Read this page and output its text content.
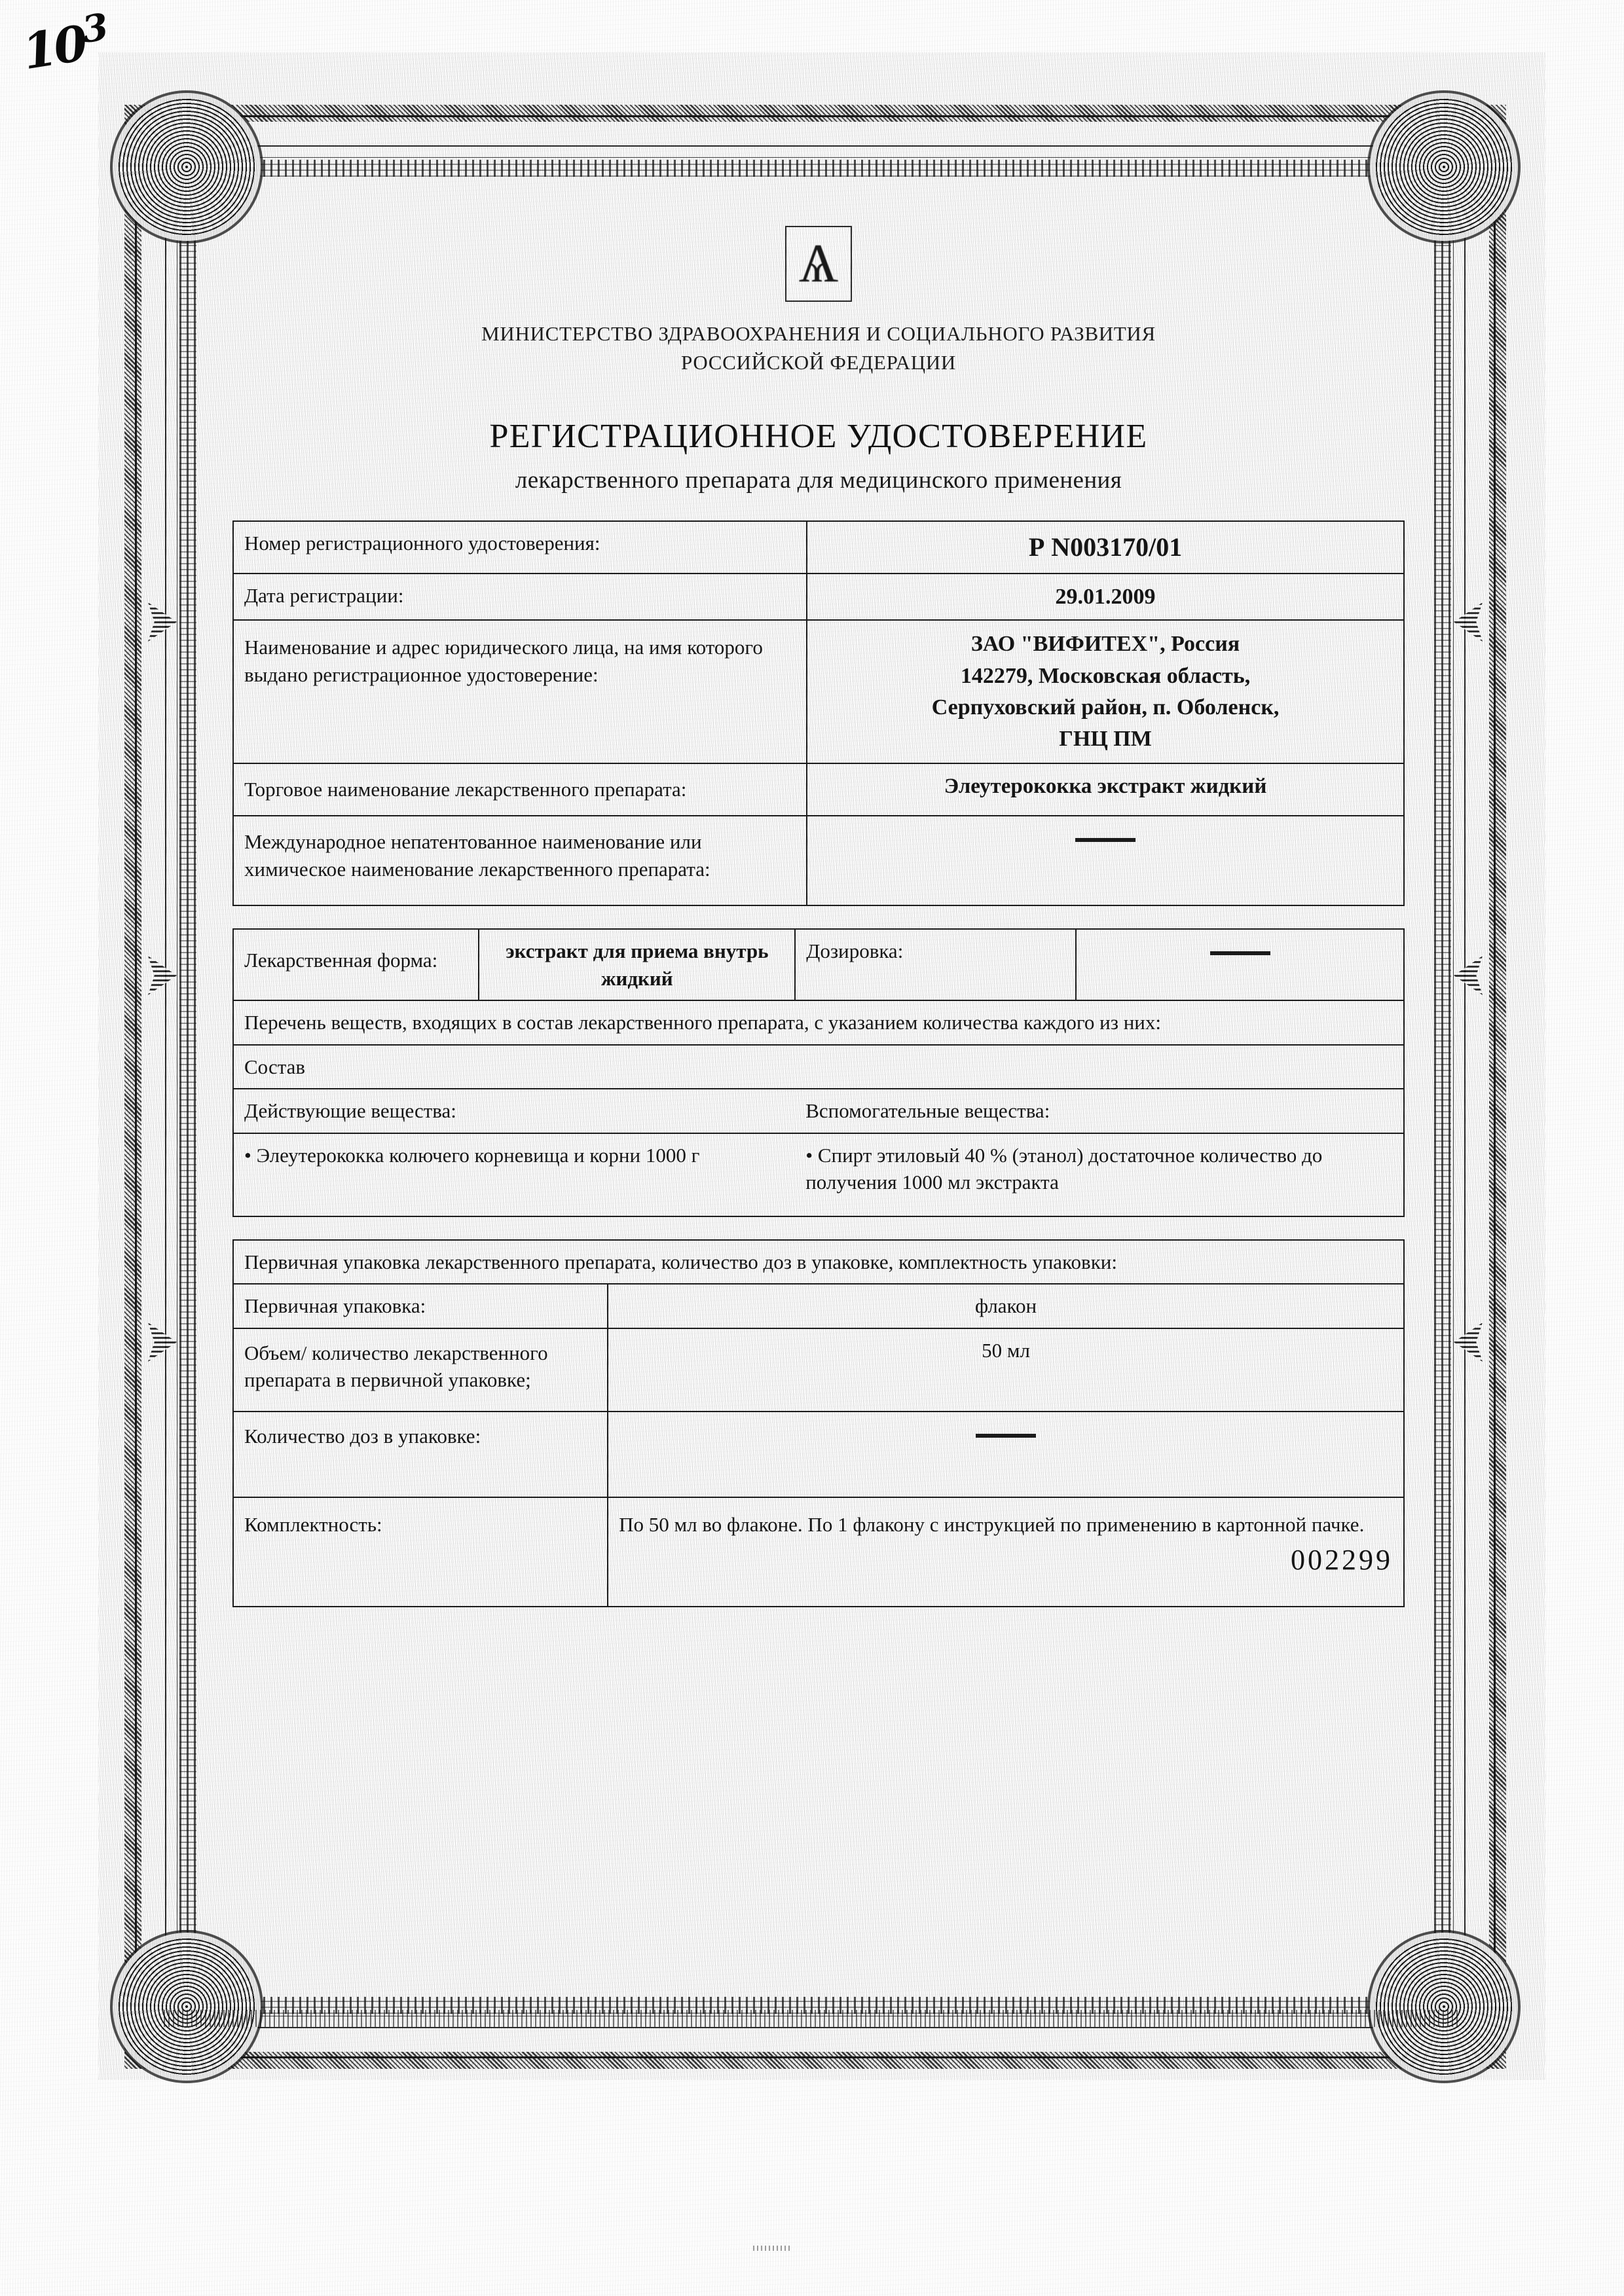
$10^3$
Ѧ
МИНИСТЕРСТВО ЗДРАВООХРАНЕНИЯ И СОЦИАЛЬНОГО РАЗВИТИЯ
РОССИЙСКОЙ ФЕДЕРАЦИИ
РЕГИСТРАЦИОННОЕ УДОСТОВЕРЕНИЕ
лекарственного препарата для медицинского применения
Номер регистрационного удостоверения:	Р N003170/01
Дата регистрации:	29.01.2009
Наименование и адрес юридического лица, на имя которого выдано регистрационное удостоверение:	ЗАО "ВИФИТЕХ", Россия
142279, Московская область,
Серпуховский район, п. Оболенск,
ГНЦ ПМ

Торговое наименование лекарственного препарата:	Элеутерококка экстракт жидкий
Международное непатентованное наименование или химическое наименование лекарственного препарата:	
Лекарственная форма:	экстракт для приема внутрь жидкий	Дозировка:	
Перечень веществ, входящих в состав лекарственного препарата, с указанием количества каждого из них:			
Состав			
Действующие вещества:		Вспомогательные вещества:	
• Элеутерококка колючего корневища и корни 1000 г		• Спирт этиловый 40 % (этанол) достаточное количество до получения 1000 мл экстракта	
Первичная упаковка лекарственного препарата, количество доз в упаковке, комплектность упаковки:	
Первичная упаковка:	флакон
Объем/ количество лекарственного препарата в первичной упаковке;	50 мл
Количество доз в упаковке:	
Комплектность:	По 50 мл во флаконе. По 1 флакону с инструкцией по применению в картонной пачке.
002299
